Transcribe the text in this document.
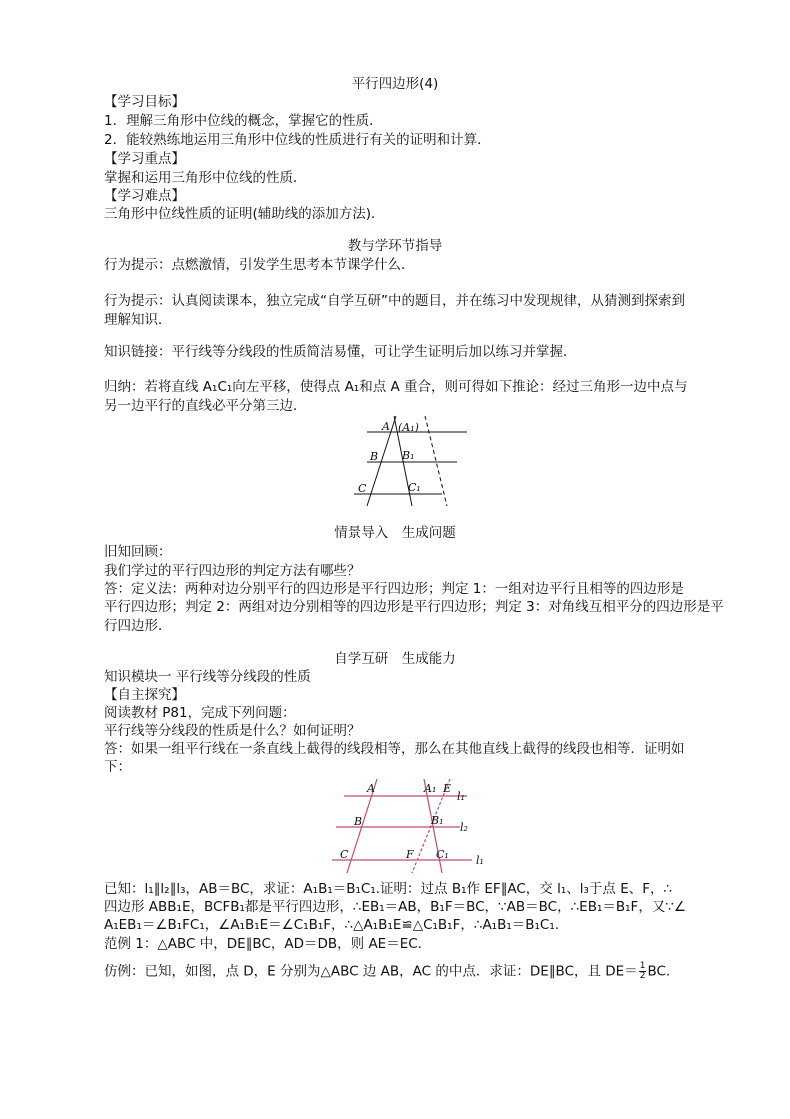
平行四边形(4)
【学习目标】
1．理解三角形中位线的概念，掌握它的性质．
2．能较熟练地运用三角形中位线的性质进行有关的证明和计算．
【学习重点】
掌握和运用三角形中位线的性质．
【学习难点】
三角形中位线性质的证明(辅助线的添加方法)．
教与学环节指导
行为提示：点燃激情，引发学生思考本节课学什么．
行为提示：认真阅读课本，独立完成“自学互研”中的题目，并在练习中发现规律，从猜测到探索到
理解知识．
知识链接：平行线等分线段的性质简洁易懂，可让学生证明后加以练习并掌握．
归纳：若将直线 A₁C₁向左平移，使得点 A₁和点 A 重合，则可得如下推论：经过三角形一边中点与
另一边平行的直线必平分第三边．
A (A₁)
B B₁
C	C₁
情景导入　生成问题
旧知回顾：
我们学过的平行四边形的判定方法有哪些？
答：定义法：两种对边分别平行的四边形是平行四边形；判定 1：一组对边平行且相等的四边形是
平行四边形；判定 2：两组对边分别相等的四边形是平行四边形；判定 3：对角线互相平分的四边形是平
行四边形．
自学互研　生成能力
知识模块一 平行线等分线段的性质
【自主探究】
阅读教材 P81，完成下列问题：
平行线等分线段的性质是什么？如何证明？
答：如果一组平行线在一条直线上截得的线段相等，那么在其他直线上截得的线段也相等．证明如
下：
A	A₁ E
l₁
B	B₁
l₂
C	F C₁ l₁
已知：l₁∥l₂∥l₃，AB＝BC，求证：A₁B₁＝B₁C₁.证明：过点 B₁作 EF∥AC，交 l₁、l₃于点 E、F，∴
四边形 ABB₁E，BCFB₁都是平行四边形，∴EB₁＝AB，B₁F＝BC，∵AB＝BC，∴EB₁＝B₁F，又∵∠
A₁EB₁＝∠B₁FC₁，∠A₁B₁E＝∠C₁B₁F，∴△A₁B₁E≌△C₁B₁F，∴A₁B₁＝B₁C₁.
范例 1：△ABC 中，DE∥BC，AD＝DB，则 AE＝EC.
仿例：已知，如图，点 D，E 分别为△ABC 边 AB，AC 的中点．求证：DE∥BC，且 $DE= \frac{1}{2}$ BC.
